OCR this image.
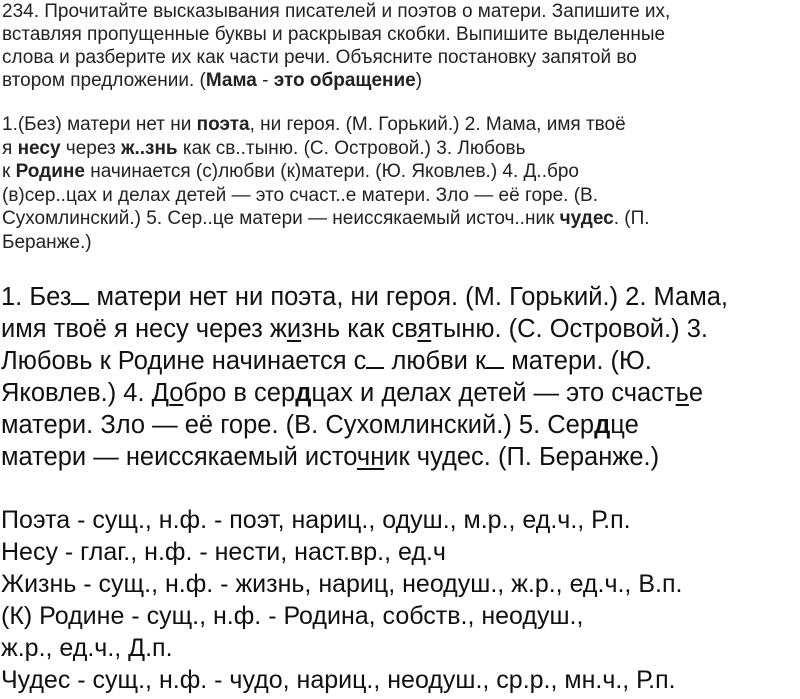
234. Прочитайте высказывания писателей и поэтов о матери. Запишите их,
вставляя пропущенные буквы и раскрывая скобки. Выпишите выделенные
слова и разберите их как части речи. Объясните постановку запятой во
втором предложении. (Мама - это обращение)
1.(Без) матери нет ни поэта, ни героя. (М. Горький.) 2. Мама, имя твоё
я несу через ж..знь как св..тыню. (С. Островой.) 3. Любовь
к Родине начинается (с)любви (к)матери. (Ю. Яковлев.) 4. Д..бро
(в)сер..цах и делах детей — это счаст..е матери. Зло — её горе. (В.
Сухомлинский.) 5. Сер..це матери — неиссякаемый источ..ник чудес. (П.
Беранже.)
1. Без матери нет ни поэта, ни героя. (М. Горький.) 2. Мама,
имя твоё я несу через жизнь как святыню. (С. Островой.) 3.
Любовь к Родине начинается с любви к матери. (Ю.
Яковлев.) 4. Добро в сердцах и делах детей — это счастье
матери. Зло — её горе. (В. Сухомлинский.) 5. Сердце
матери — неиссякаемый источник чудес. (П. Беранже.)
Поэта - сущ., н.ф. - поэт, нариц., одуш., м.р., ед.ч., Р.п.
Несу - глаг., н.ф. - нести, наст.вр., ед.ч
Жизнь - сущ., н.ф. - жизнь, нариц, неодуш., ж.р., ед.ч., В.п.
(К) Родине - сущ., н.ф. - Родина, собств., неодуш.,
ж.р., ед.ч., Д.п.
Чудес - сущ., н.ф. - чудо, нариц., неодуш., ср.р., мн.ч., Р.п.
